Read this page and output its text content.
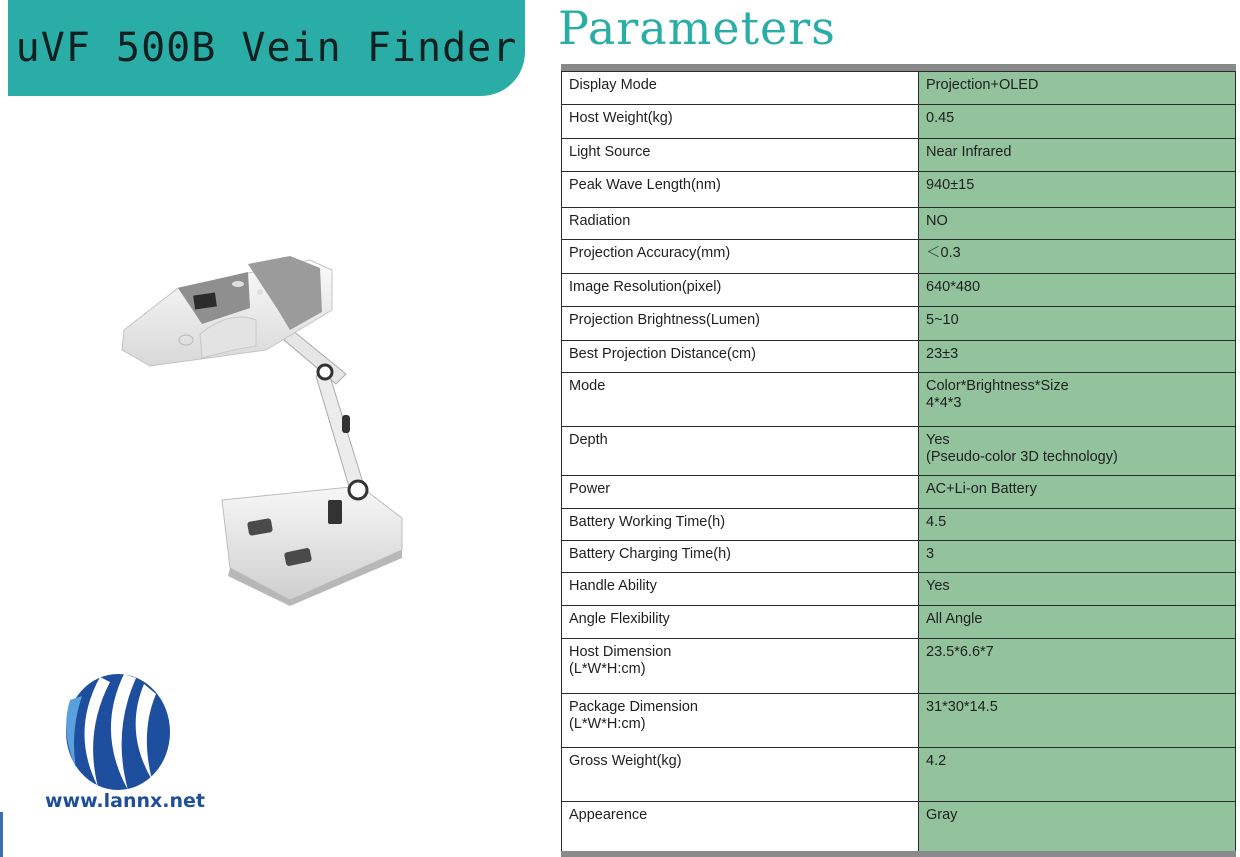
uVF 500B Vein Finder Parameters
Display Mode	Projection+OLED

Host Weight(kg)	0.45

Light Source	Near Infrared

Peak Wave Length(nm)	940±15

Radiation	NO

Projection Accuracy(mm)	＜0.3

Image Resolution(pixel)	640*480

Projection Brightness(Lumen)	5~10

Best Projection Distance(cm)	23±3

Mode	Color*Brightness*Size
4*4*3

Depth	Yes
(Pseudo-color 3D technology)

Power	AC+Li-on Battery

Battery Working Time(h)	4.5

Battery Charging Time(h)	3

Handle Ability	Yes

Angle Flexibility	All Angle

Host Dimension
(L*W*H:cm)	23.5*6.6*7

Package Dimension
(L*W*H:cm)	31*30*14.5

Gross Weight(kg)	4.2

Appearence	Gray
www.lannx.net
